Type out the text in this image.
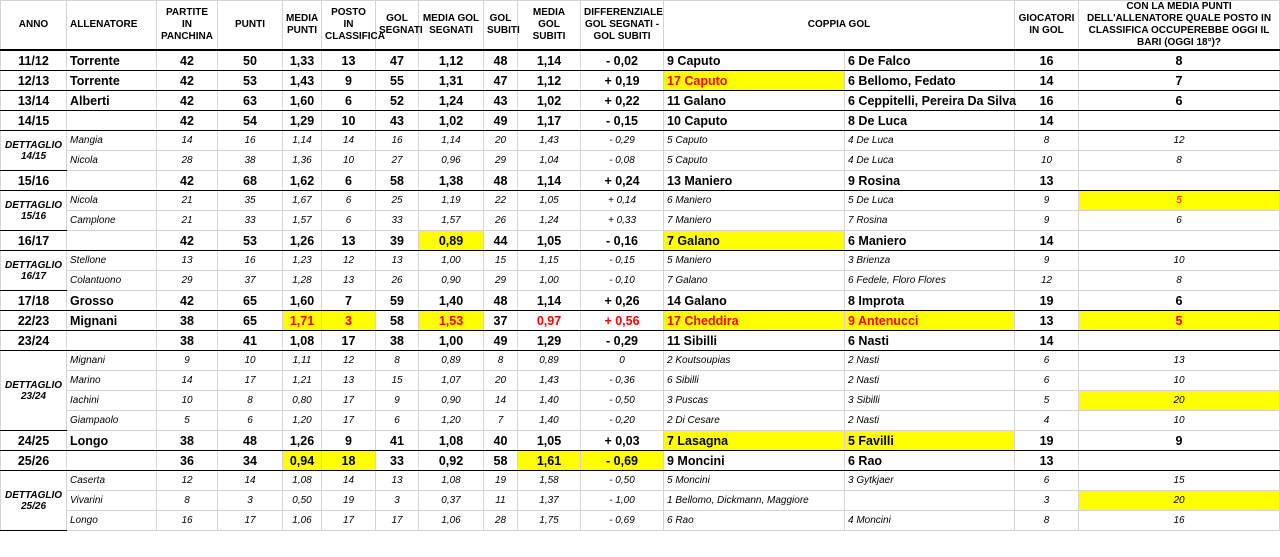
ANNO	ALLENATORE	PARTITE IN PANCHINA	PUNTI	MEDIA PUNTI	POSTO IN CLASSIFICA	GOL SEGNATI	MEDIA GOL SEGNATI	GOL SUBITI	MEDIA GOL SUBITI	DIFFERENZIALE GOL SEGNATI - GOL SUBITI	COPPIA GOL		GIOCATORI IN GOL	CON LA MEDIA PUNTI DELL'ALLENATORE QUALE POSTO IN CLASSIFICA OCCUPEREBBE OGGI IL BARI (OGGI 18°)?
11/12	Torrente	42	50	1,33	13	47	1,12	48	1,14	- 0,02	9 Caputo	6 De Falco	16	8
12/13	Torrente	42	53	1,43	9	55	1,31	47	1,12	+ 0,19	17 Caputo	6 Bellomo, Fedato	14	7
13/14	Alberti	42	63	1,60	6	52	1,24	43	1,02	+ 0,22	11 Galano	6 Ceppitelli, Pereira Da Silva	16	6
14/15		42	54	1,29	10	43	1,02	49	1,17	- 0,15	10 Caputo	8 De Luca	14	
DETTAGLIO 14/15	Mangia	14	16	1,14	14	16	1,14	20	1,43	- 0,29	5 Caputo	4 De Luca	8	12
	Nicola	28	38	1,36	10	27	0,96	29	1,04	- 0,08	5 Caputo	4 De Luca	10	8
15/16		42	68	1,62	6	58	1,38	48	1,14	+ 0,24	13 Maniero	9 Rosina	13	
DETTAGLIO 15/16	Nicola	21	35	1,67	6	25	1,19	22	1,05	+ 0,14	6 Maniero	5 De Luca	9	5
	Camplone	21	33	1,57	6	33	1,57	26	1,24	+ 0,33	7 Maniero	7 Rosina	9	6
16/17		42	53	1,26	13	39	0,89	44	1,05	- 0,16	7 Galano	6 Maniero	14	
DETTAGLIO 16/17	Stellone	13	16	1,23	12	13	1,00	15	1,15	- 0,15	5 Maniero	3 Brienza	9	10
	Colantuono	29	37	1,28	13	26	0,90	29	1,00	- 0,10	7 Galano	6 Fedele, Floro Flores	12	8
17/18	Grosso	42	65	1,60	7	59	1,40	48	1,14	+ 0,26	14 Galano	8 Improta	19	6
22/23	Mignani	38	65	1,71	3	58	1,53	37	0,97	+ 0,56	17 Cheddira	9 Antenucci	13	5
23/24		38	41	1,08	17	38	1,00	49	1,29	- 0,29	11 Sibilli	6 Nasti	14	
DETTAGLIO 23/24	Mignani	9	10	1,11	12	8	0,89	8	0,89	0	2 Koutsoupias	2 Nasti	6	13
	Marino	14	17	1,21	13	15	1,07	20	1,43	- 0,36	6 Sibilli	2 Nasti	6	10
	Iachini	10	8	0,80	17	9	0,90	14	1,40	- 0,50	3 Puscas	3 Sibilli	5	20
	Giampaolo	5	6	1,20	17	6	1,20	7	1,40	- 0,20	2 Di Cesare	2 Nasti	4	10
24/25	Longo	38	48	1,26	9	41	1,08	40	1,05	+ 0,03	7 Lasagna	5 Favilli	19	9
25/26		36	34	0,94	18	33	0,92	58	1,61	- 0,69	9 Moncini	6 Rao	13	
DETTAGLIO 25/26	Caserta	12	14	1,08	14	13	1,08	19	1,58	- 0,50	5 Moncini	3 Gytkjaer	6	15
	Vivarini	8	3	0,50	19	3	0,37	11	1,37	- 1,00	1 Bellomo, Dickmann, Maggiore		3	20
	Longo	16	17	1,06	17	17	1,06	28	1,75	- 0,69	6 Rao	4 Moncini	8	16
